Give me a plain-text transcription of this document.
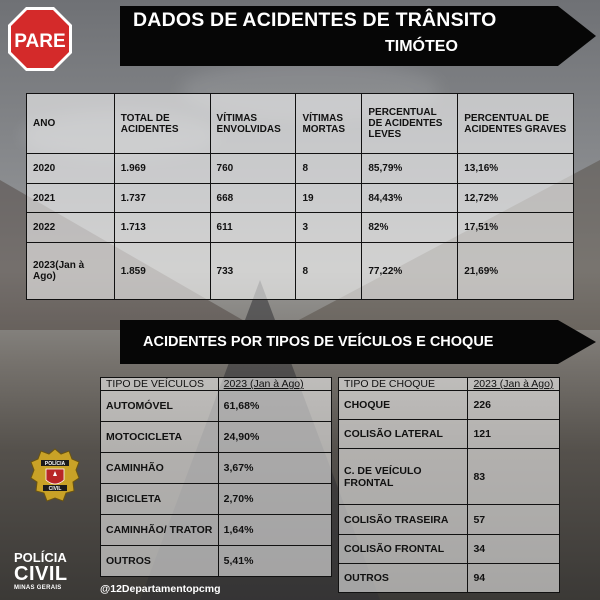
PARE
DADOS DE ACIDENTES DE TRÂNSITO
TIMÓTEO
ANO	TOTAL DE ACIDENTES	VÍTIMAS ENVOLVIDAS	VÍTIMAS MORTAS	PERCENTUAL DE ACIDENTES LEVES	PERCENTUAL DE ACIDENTES GRAVES
2020	1.969	760	8	85,79%	13,16%
2021	1.737	668	19	84,43%	12,72%
2022	1.713	611	3	82%	17,51%
2023(Jan à Ago)	1.859	733	8	77,22%	21,69%
ACIDENTES POR TIPOS DE VEÍCULOS E CHOQUE
TIPO DE VEÍCULOS	2023 (Jan à Ago)
AUTOMÓVEL	61,68%
MOTOCICLETA	24,90%
CAMINHÃO	3,67%
BICICLETA	2,70%
CAMINHÃO/ TRATOR	1,64%
OUTROS	5,41%
TIPO DE CHOQUE	2023 (Jan à Ago)
CHOQUE	226
COLISÃO LATERAL	121
C. DE VEÍCULO FRONTAL	83
COLISÃO TRASEIRA	57
COLISÃO FRONTAL	34
OUTROS	94
POLÍCIA
CIVIL
POLÍCIA
CIVIL
MINAS GERAIS	@12Departamentopcmg
